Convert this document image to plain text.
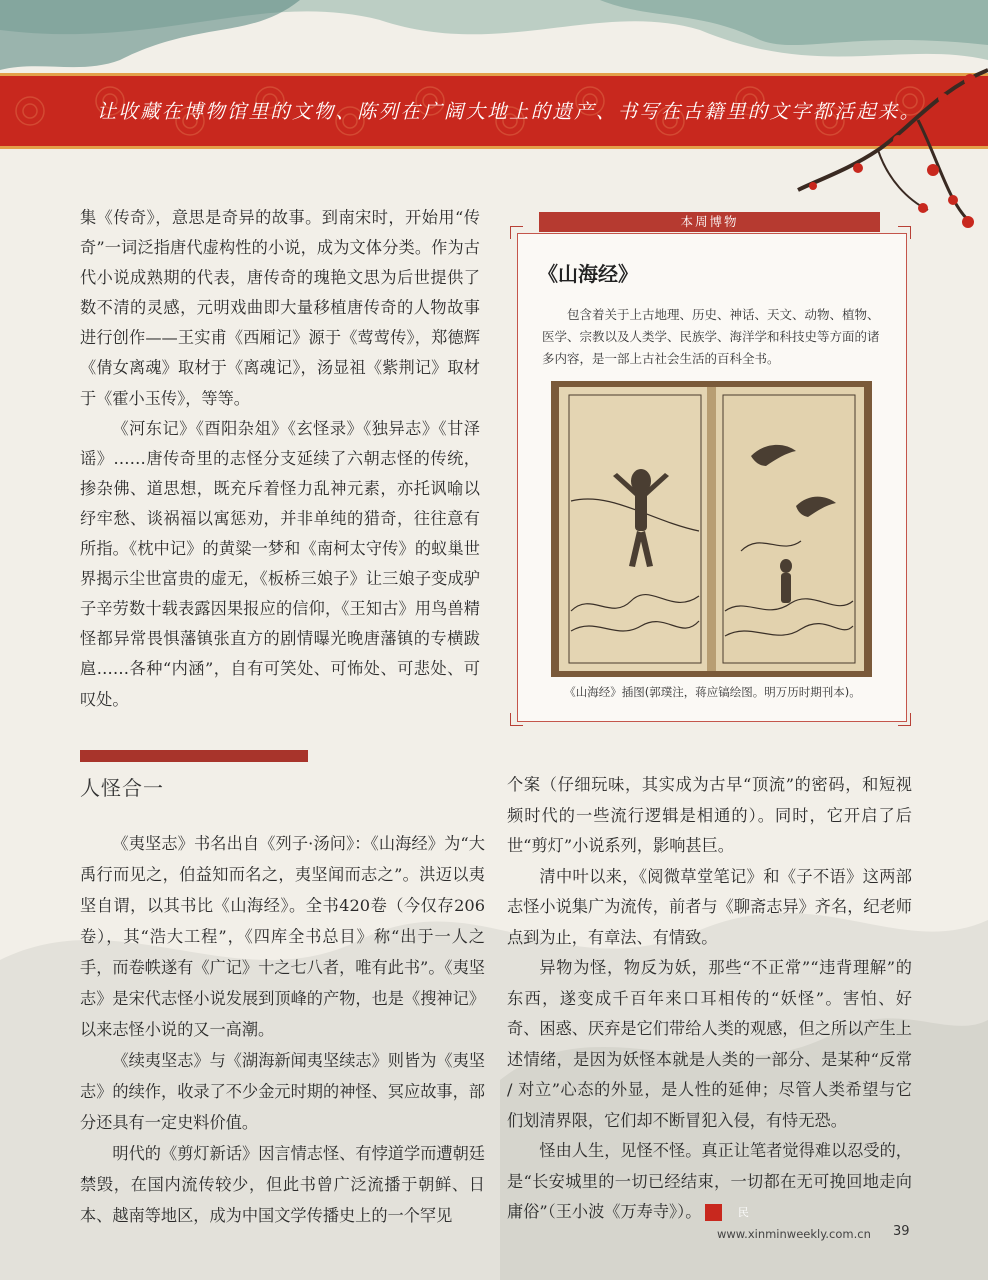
让收藏在博物馆里的文物、陈列在广阔大地上的遗产、书写在古籍里的文字都活起来。

集《传奇》，意思是奇异的故事。到南宋时，开始用“传奇”一词泛指唐代虚构性的小说，成为文体分类。作为古代小说成熟期的代表，唐传奇的瑰艳文思为后世提供了数不清的灵感，元明戏曲即大量移植唐传奇的人物故事进行创作——王实甫《西厢记》源于《莺莺传》，郑德辉《倩女离魂》取材于《离魂记》，汤显祖《紫荆记》取材于《霍小玉传》，等等。

《河东记》《酉阳杂俎》《玄怪录》《独异志》《甘泽谣》……唐传奇里的志怪分支延续了六朝志怪的传统，掺杂佛、道思想，既充斥着怪力乱神元素，亦托讽喻以纾牢愁、谈祸福以寓惩劝，并非单纯的猎奇，往往意有所指。《枕中记》的黄粱一梦和《南柯太守传》的蚁巢世界揭示尘世富贵的虚无，《板桥三娘子》让三娘子变成驴子辛劳数十载表露因果报应的信仰，《王知古》用鸟兽精怪都异常畏惧藩镇张直方的剧情曝光晚唐藩镇的专横跋扈……各种“内涵”，自有可笑处、可怖处、可悲处、可叹处。

人怪合一

《夷坚志》书名出自《列子·汤问》：《山海经》为“大禹行而见之，伯益知而名之，夷坚闻而志之”。洪迈以夷坚自谓，以其书比《山海经》。全书420卷（今仅存206卷），其“浩大工程”，《四库全书总目》称“出于一人之手，而卷帙遂有《广记》十之七八者，唯有此书”。《夷坚志》是宋代志怪小说发展到顶峰的产物，也是《搜神记》以来志怪小说的又一高潮。

《续夷坚志》与《湖海新闻夷坚续志》则皆为《夷坚志》的续作，收录了不少金元时期的神怪、冥应故事，部分还具有一定史料价值。

明代的《剪灯新话》因言情志怪、有悖道学而遭朝廷禁毁，在国内流传较少，但此书曾广泛流播于朝鲜、日本、越南等地区，成为中国文学传播史上的一个罕见

个案（仔细玩味，其实成为古早“顶流”的密码，和短视频时代的一些流行逻辑是相通的）。同时，它开启了后世“剪灯”小说系列，影响甚巨。

清中叶以来，《阅微草堂笔记》和《子不语》这两部志怪小说集广为流传，前者与《聊斋志异》齐名，纪老师点到为止，有章法、有情致。

异物为怪，物反为妖，那些“不正常”“违背理解”的东西，遂变成千百年来口耳相传的“妖怪”。害怕、好奇、困惑、厌弃是它们带给人类的观感，但之所以产生上述情绪，是因为妖怪本就是人类的一部分、是某种“反常 / 对立”心态的外显，是人性的延伸；尽管人类希望与它们划清界限，它们却不断冒犯入侵，有恃无恐。

怪由人生，见怪不怪。真正让笔者觉得难以忍受的，是“长安城里的一切已经结束，一切都在无可挽回地走向庸俗”（王小波《万寿寺》）。	民

本周博物
《山海经》
包含着关于上古地理、历史、神话、天文、动物、植物、医学、宗教以及人类学、民族学、海洋学和科技史等方面的诸多内容，是一部上古社会生活的百科全书。
《山海经》插图(郭璞注，蒋应镐绘图。明万历时期刊本)。
www.xinminweekly.com.cn 39
